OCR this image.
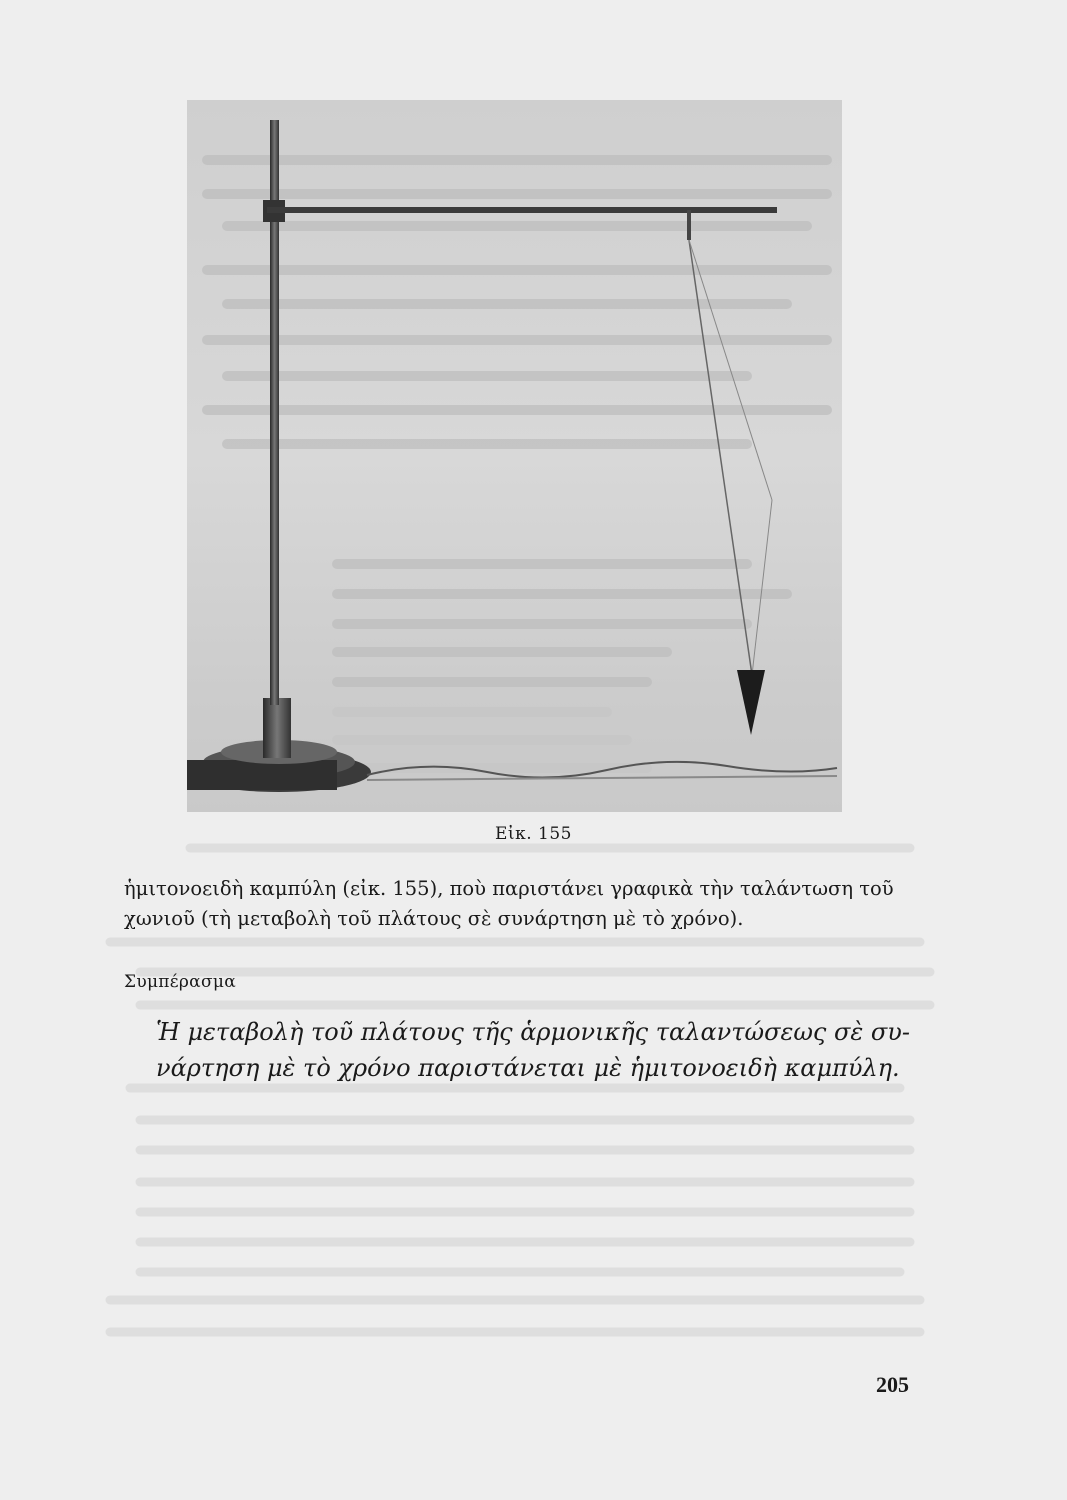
Εἰκ. 155
ἡμιτονοειδὴ καμπύλη (εἰκ. 155), ποὺ παριστάνει γραφικὰ τὴν ταλάντωση τοῦ

χωνιοῦ (τὴ μεταβολὴ τοῦ πλάτους σὲ συνάρτηση μὲ τὸ χρόνο).
Συμπέρασμα
Ἡ μεταβολὴ τοῦ πλάτους τῆς ἁρμονικῆς ταλαντώσεως σὲ συ-
νάρτηση μὲ τὸ χρόνο παριστάνεται μὲ ἡμιτονοειδὴ καμπύλη.
205
